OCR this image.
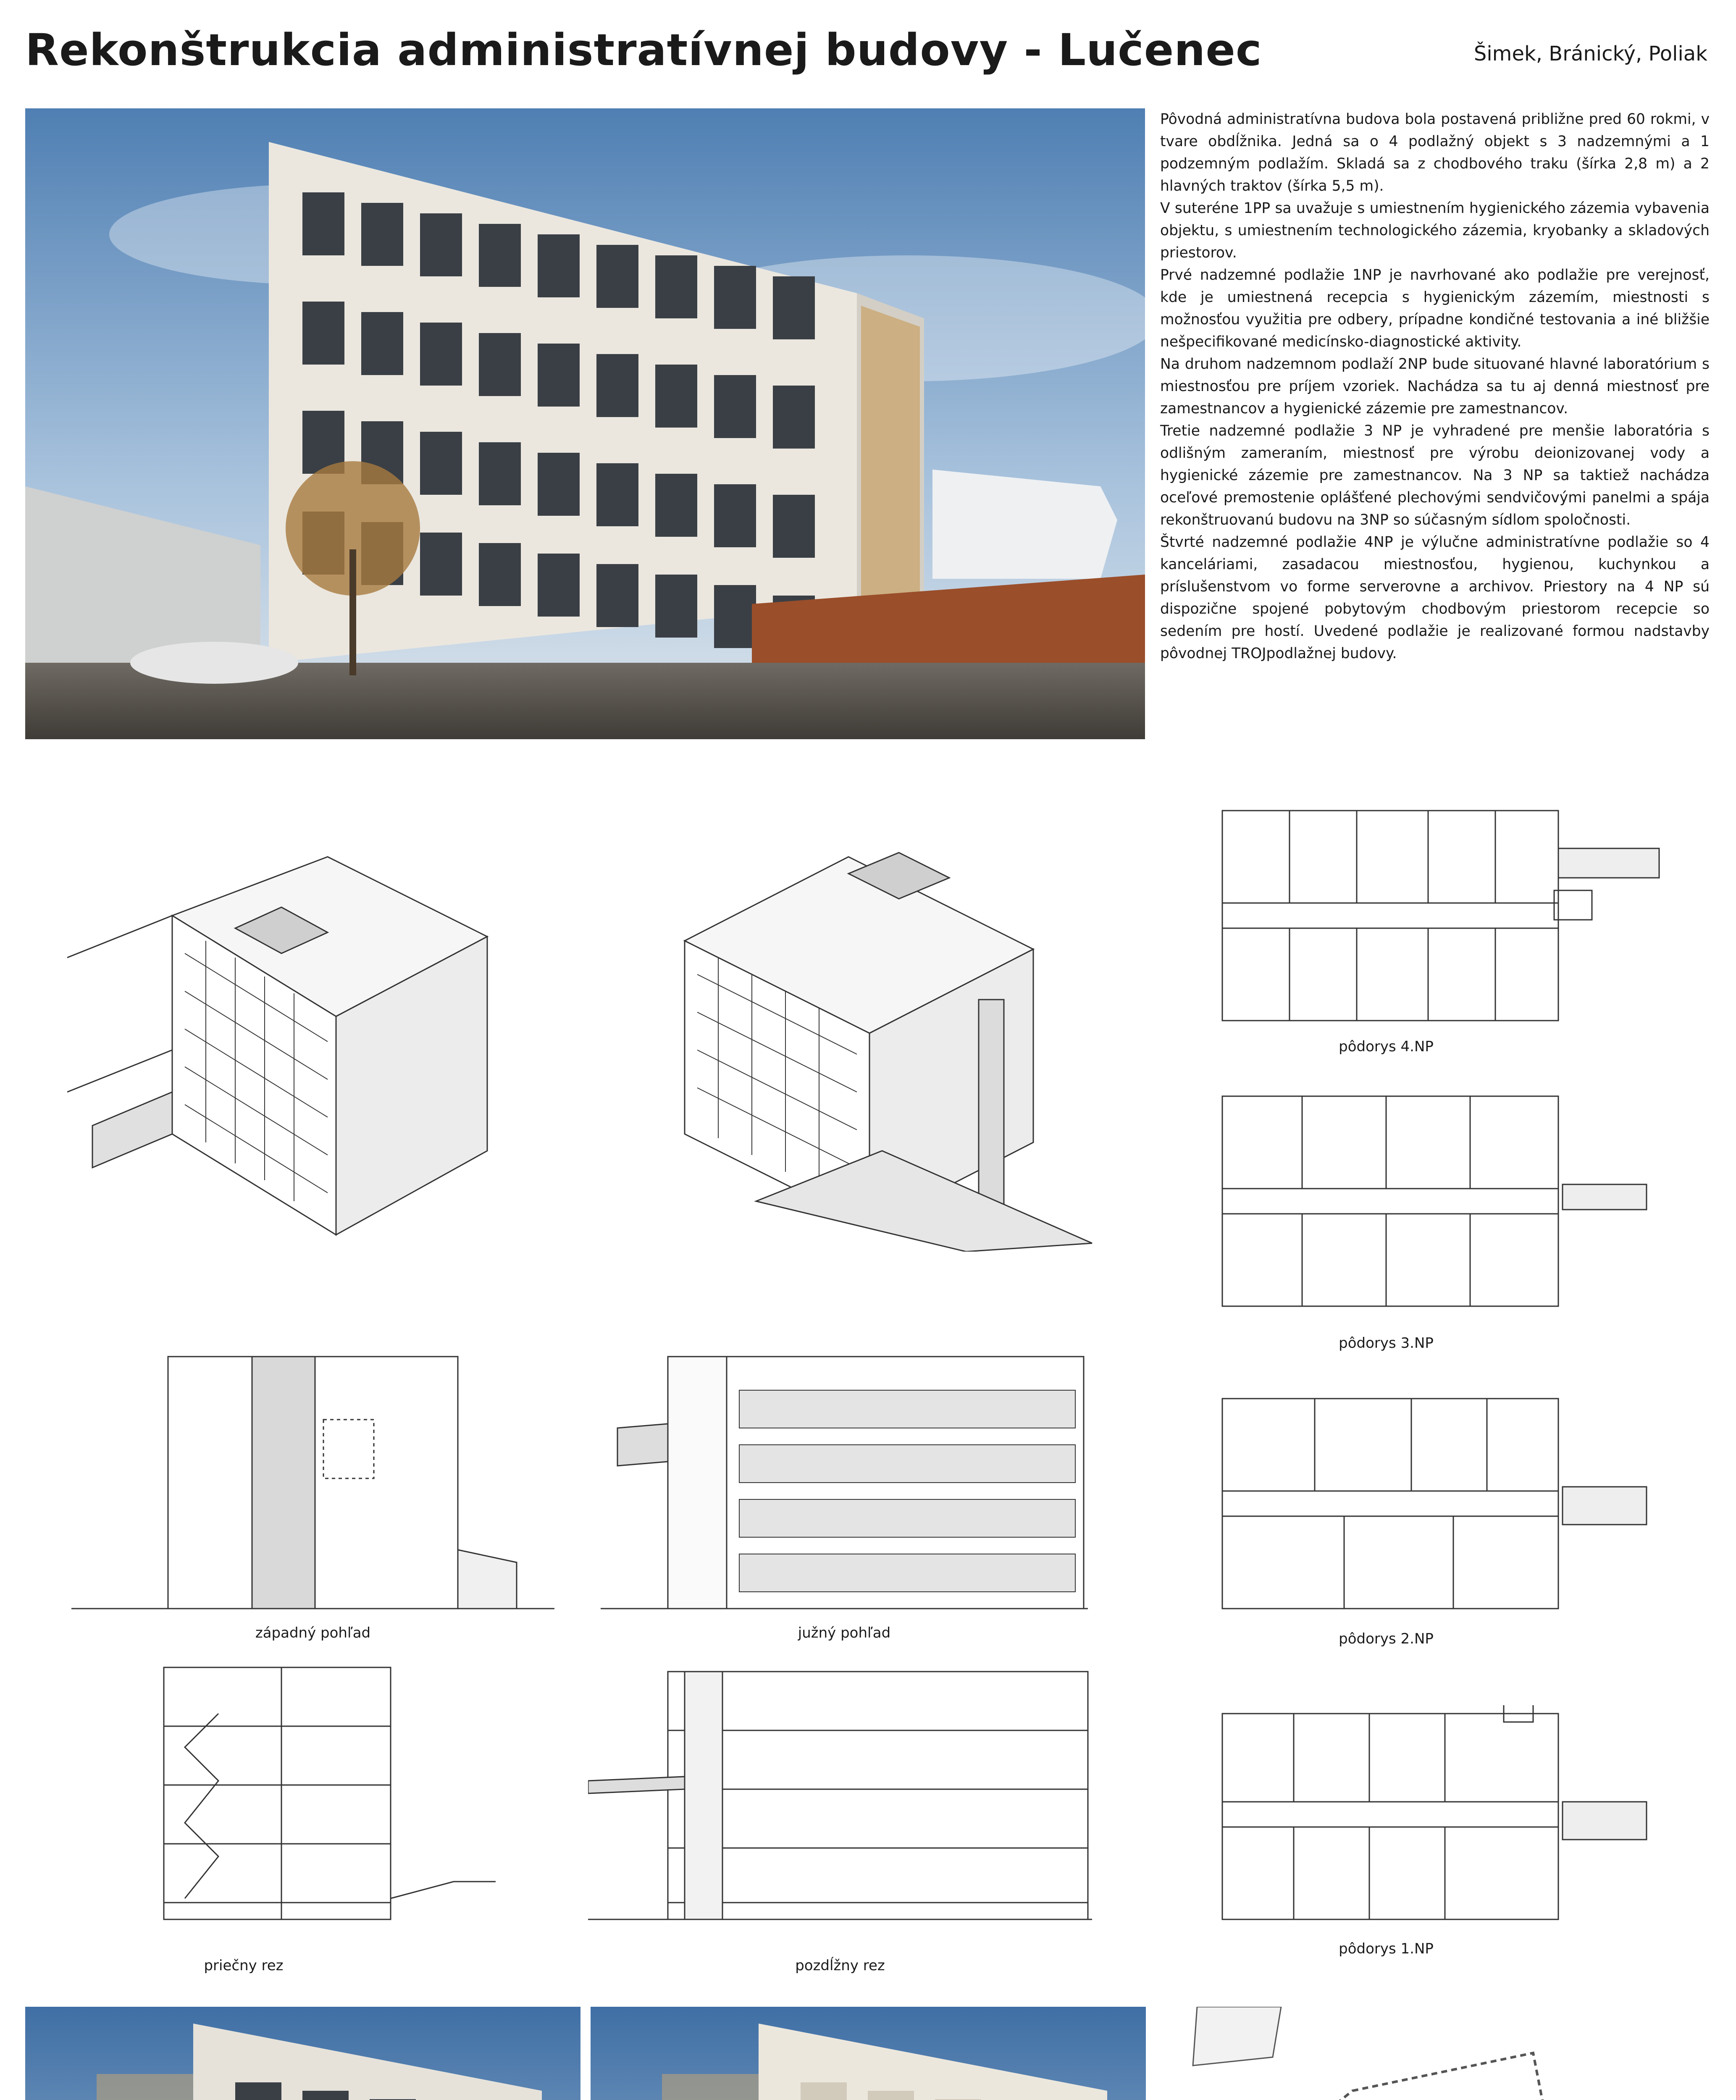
Rekonštrukcia administratívnej budovy - Lučenec	Šimek, Bránický, Poliak

Pôvodná administratívna budova bola postavená približne pred 60 rokmi, v tvare obdĺžnika. Jedná sa o 4 podlažný objekt s 3 nadzemnými a 1 podzemným podlažím. Skladá sa z chodbového traku (šírka 2,8 m) a 2 hlavných traktov (šírka 5,5 m).

V suteréne 1PP sa uvažuje s umiestnením hygienického zázemia vybavenia objektu, s umiestnením technologického zázemia, kryobanky a skladových priestorov.

Prvé nadzemné podlažie 1NP je navrhované ako podlažie pre verejnosť, kde je umiestnená recepcia s hygienickým zázemím, miestnosti s možnosťou využitia pre odbery, prípadne kondičné testovania a iné bližšie nešpecifikované medicínsko-diagnostické aktivity.

Na druhom nadzemnom podlaží 2NP bude situované hlavné laboratórium s miestnosťou pre príjem vzoriek. Nachádza sa tu aj denná miestnosť pre zamestnancov a hygienické zázemie pre zamestnancov.

Tretie nadzemné podlažie 3 NP je vyhradené pre menšie laboratória s odlišným zameraním, miestnosť pre výrobu deionizovanej vody a hygienické zázemie pre zamestnancov. Na 3 NP sa taktiež nachádza oceľové premostenie oplášťené plechovými sendvičovými panelmi a spája rekonštruovanú budovu na 3NP so súčasným sídlom spoločnosti.

Štvrté nadzemné podlažie 4NP je výlučne administratívne podlažie so 4 kanceláriami, zasadacou miestnosťou, hygienou, kuchynkou a príslušenstvom vo forme serverovne a archivov. Priestory na 4 NP sú dispozične spojené pobytovým chodbovým priestorom recepcie so sedením pre hostí. Uvedené podlažie je realizované formou nadstavby pôvodnej TROJpodlažnej budovy.

pôdorys 4.NP
pôdorys 3.NP
pôdorys 2.NP
pôdorys 1.NP
západný pohľad	južný pohľad
priečny rez	pozdĺžny rez
